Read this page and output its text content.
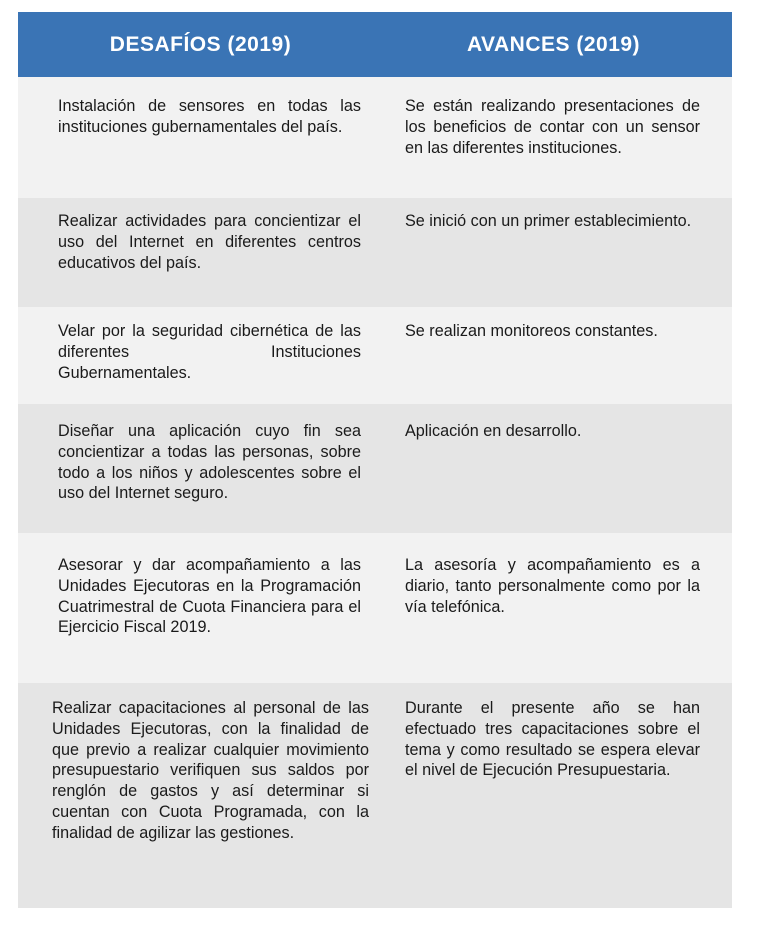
DESAFÍOS (2019)	AVANCES (2019)
Instalación de sensores en todas las instituciones gubernamentales del país.
Se están realizando presentaciones de los beneficios de contar con un sensor en las diferentes instituciones.
Realizar actividades para concientizar el uso del Internet en diferentes centros educativos del país.
Se inició con un primer establecimiento.
Velar por la seguridad cibernética de las diferentes Instituciones Gubernamentales.
Se realizan monitoreos constantes.
Diseñar una aplicación cuyo fin sea concientizar a todas las personas, sobre todo a los niños y adolescentes sobre el uso del Internet seguro.
Aplicación en desarrollo.
Asesorar y dar acompañamiento a las Unidades Ejecutoras en la Programación Cuatrimestral de Cuota Financiera para el Ejercicio Fiscal 2019.
La asesoría y acompañamiento es a diario, tanto personalmente como por la vía telefónica.
Realizar capacitaciones al personal de las Unidades Ejecutoras, con la finalidad de que previo a realizar cualquier movimiento presupuestario verifiquen sus saldos por renglón de gastos y así determinar si cuentan con Cuota Programada, con la finalidad de agilizar las gestiones.
Durante el presente año se han efectuado tres capacitaciones sobre el tema y como resultado se espera elevar el nivel de Ejecución Presupuestaria.
